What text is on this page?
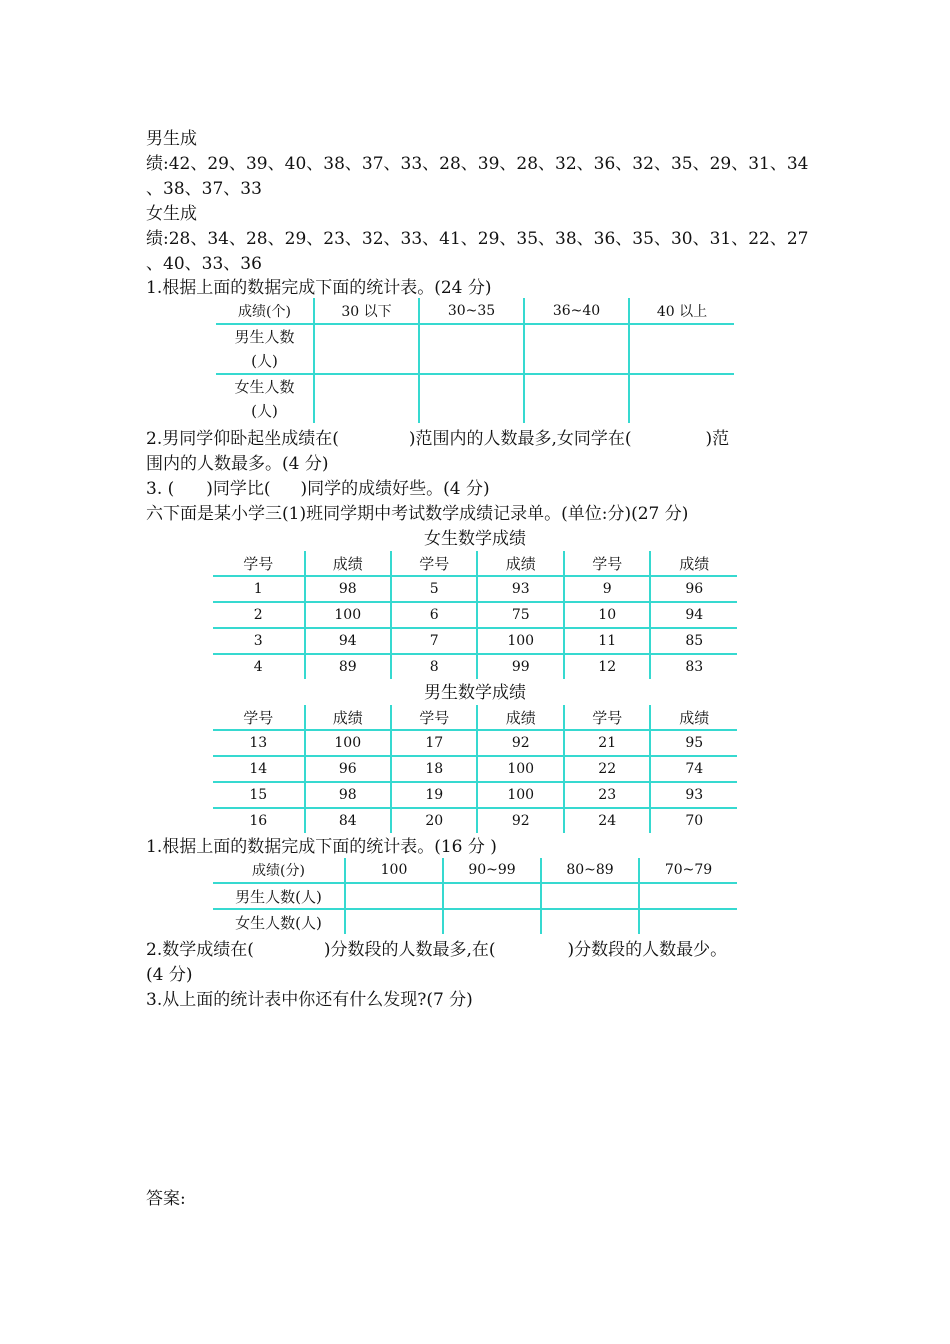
男生成
绩:42、29、39、40、38、37、33、28、39、28、32、36、32、35、29、31、34
、38、37、33
女生成
绩:28、34、28、29、23、32、33、41、29、35、38、36、35、30、31、22、27
、40、33、36
1.根据上面的数据完成下面的统计表。(24 分)
成绩(个)	30 以下	30~35	36~40	40 以上

男生人数
(人)				

女生人数
(人)				

2.男同学仰卧起坐成绩在(	)范围内的人数最多,女同学在(	)范
围内的人数最多。(4 分)
3. ( )同学比( )同学的成绩好些。(4 分)
六下面是某小学三(1)班同学期中考试数学成绩记录单。(单位:分)(27 分)
女生数学成绩
学号	成绩	学号	成绩	学号	成绩
1	98	5	93	9	96
2	100	6	75	10	94
3	94	7	100	11	85
4	89	8	99	12	83
男生数学成绩
学号	成绩	学号	成绩	学号	成绩
13	100	17	92	21	95
14	96	18	100	22	74
15	98	19	100	23	93
16	84	20	92	24	70
1.根据上面的数据完成下面的统计表。(16 分 )
成绩(分)	100	90~99	80~89	70~79
男生人数(人)				
女生人数(人)				
2.数学成绩在(	)分数段的人数最多,在(	)分数段的人数最少。
(4 分)
3.从上面的统计表中你还有什么发现?(7 分)
答案:
